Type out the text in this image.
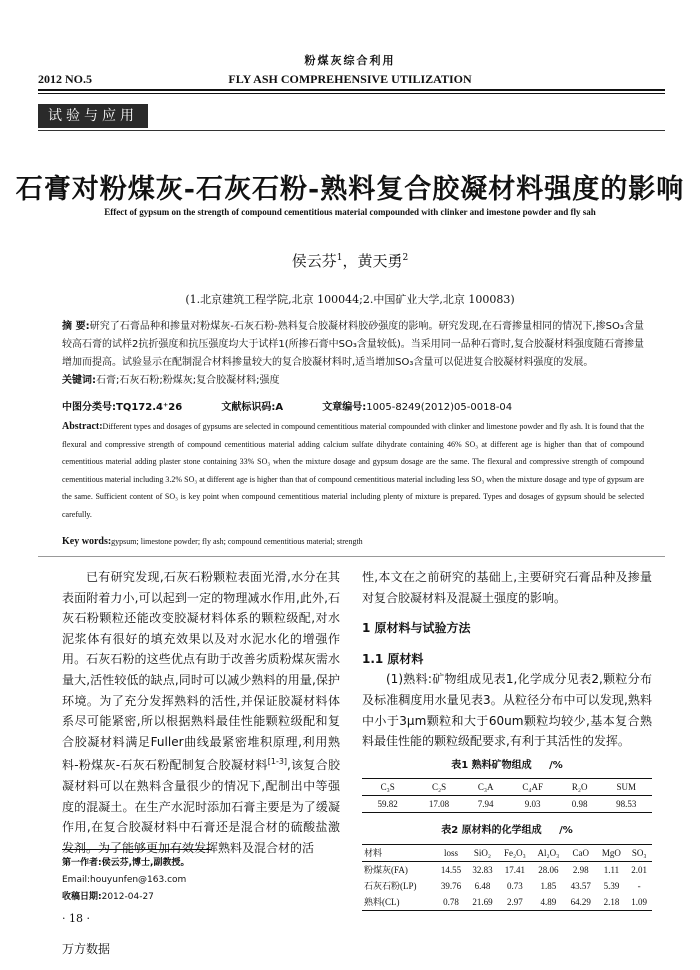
粉煤灰综合利用
2012 NO.5	FLY ASH COMPREHENSIVE UTILIZATION
试验与应用
石膏对粉煤灰-石灰石粉-熟料复合胶凝材料强度的影响
Effect of gypsum on the strength of compound cementitious material compounded with clinker and imestone powder and fly sah
侯云芬$^1$，黄天勇$^2$
(1.北京建筑工程学院,北京 100044;2.中国矿业大学,北京 100083)
摘 要:研究了石膏品种和掺量对粉煤灰-石灰石粉-熟料复合胶凝材料胶砂强度的影响。研究发现,在石膏掺量相同的情况下,掺SO₃含量较高石膏的试样2抗折强度和抗压强度均大于试样1(所掺石膏中SO₃含量较低)。当采用同一品种石膏时,复合胶凝材料强度随石膏掺量增加而提高。试验显示在配制混合材料掺量较大的复合胶凝材料时,适当增加SO₃含量可以促进复合胶凝材料强度的发展。
关键词:石膏;石灰石粉;粉煤灰;复合胶凝材料;强度
中图分类号:TQ172.4⁺26	文献标识码:A	文章编号:1005-8249(2012)05-0018-04
Abstract:Different types and dosages of gypsums are selected in compound cementitious material compounded with clinker and limestone powder and fly ash. It is found that the flexural and compressive strength of compound cementitious material adding calcium sulfate dihydrate containing 46% SO₃ at different age is higher than that of compound cementitious material adding plaster stone containing 33% SO₃ when the mixture dosage and gypsum dosage are the same. The flexural and compressive strength of compound cementitious material including 3.2% SO₃ at different age is higher than that of compound cementitious material including less SO₃ when the mixture dosage and type of gypsum are the same. Sufficient content of SO₃ is key point when compound cementitious material including plenty of mixture is prepared. Types and dosages of gypsum should be selected carefully.
Key words:gypsum; limestone powder; fly ash; compound cementitious material; strength

已有研究发现,石灰石粉颗粒表面光滑,水分在其表面附着力小,可以起到一定的物理减水作用,此外,石灰石粉颗粒还能改变胶凝材料体系的颗粒级配,对水泥浆体有很好的填充效果以及对水泥水化的增强作用。石灰石粉的这些优点有助于改善劣质粉煤灰需水量大,活性较低的缺点,同时可以减少熟料的用量,保护环境。为了充分发挥熟料的活性,并保证胶凝材料体系尽可能紧密,所以根据熟料最佳性能颗粒级配和复合胶凝材料满足Fuller曲线最紧密堆积原理,利用熟料-粉煤灰-石灰石粉配制复合胶凝材料[1-3],该复合胶凝材料可以在熟料含量很少的情况下,配制出中等强度的混凝土。在生产水泥时添加石膏主要是为了缓凝作用,在复合胶凝材料中石膏还是混合材的硫酸盐激发剂。为了能够更加有效发挥熟料及混合材的活

性,本文在之前研究的基础上,主要研究石膏品种及掺量对复合胶凝材料及混凝土强度的影响。

1 原材料与试验方法

1.1 原材料

(1)熟料:矿物组成见表1,化学成分见表2,颗粒分布及标准稠度用水量见表3。从粒径分布中可以发现,熟料中小于3μm颗粒和大于60um颗粒均较少,基本复合熟料最佳性能的颗粒级配要求,有利于其活性的发挥。

表1 熟料矿物组成 /%
C₃S	C₂S	C₃A	C₄AF	R₂O	SUM
59.82	17.08	7.94	9.03	0.98	98.53
表2 原材料的化学组成 /%
材料	loss	SiO₂	Fe₂O₃	Al₂O₃	CaO	MgO	SO₃
粉煤灰(FA)	14.55	32.83	17.41	28.06	2.98	1.11	2.01
石灰石粉(LP)	39.76	6.48	0.73	1.85	43.57	5.39	-
熟料(CL)	0.78	21.69	2.97	4.89	64.29	2.18	1.09
第一作者:侯云芬,博士,副教授。
Email:houyunfen@163.com
收稿日期:2012-04-27
· 18 ·
万方数据
